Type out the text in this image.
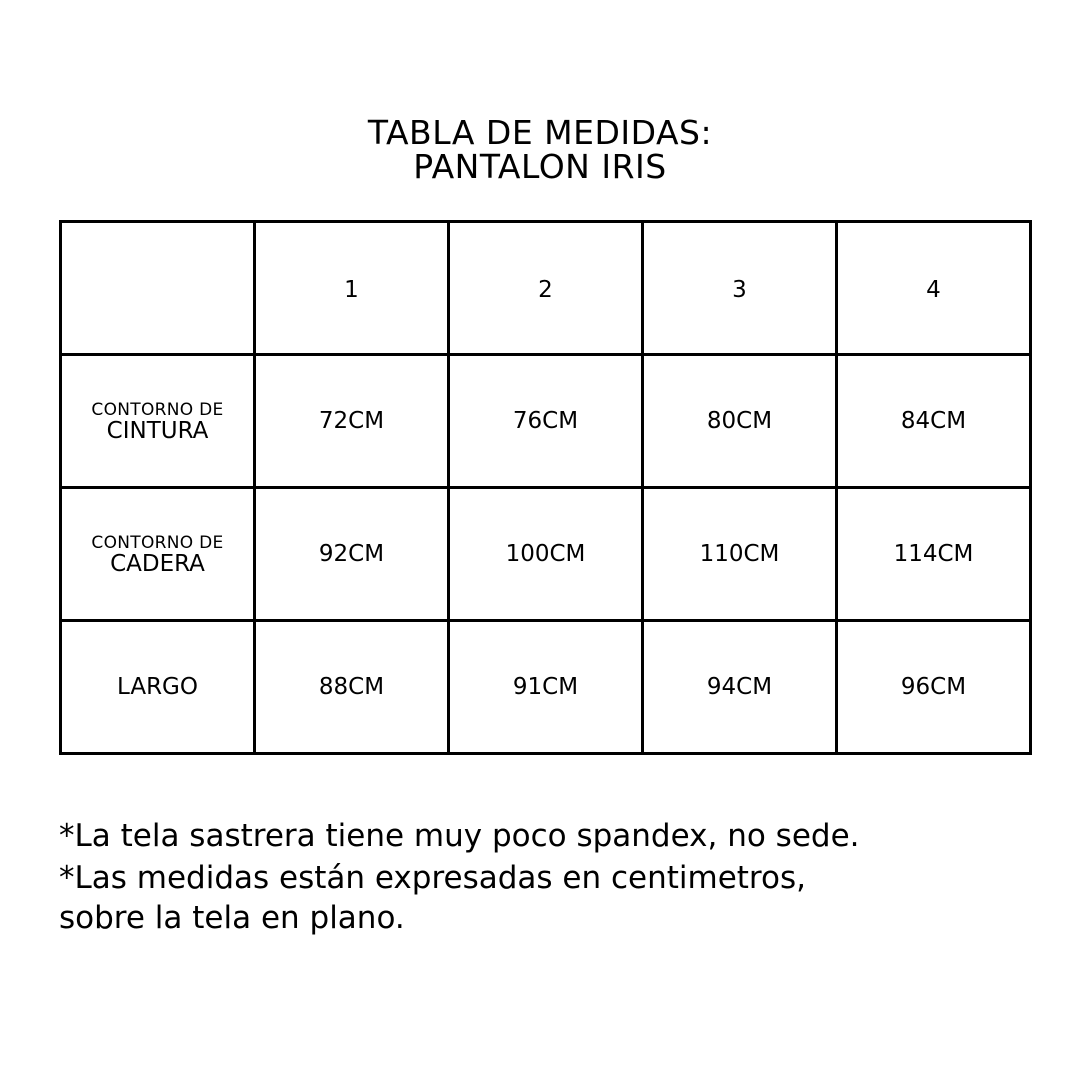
TABLA DE MEDIDAS:
PANTALON IRIS
	1	2	3	4

CONTORNO DE
CINTURA	72CM	76CM	80CM	84CM

CONTORNO DE
CADERA	92CM	100CM	110CM	114CM
LARGO	88CM	91CM	94CM	96CM

*La tela sastrera tiene muy poco spandex, no sede.

*Las medidas están expresadas en centimetros,

sobre la tela en plano.
